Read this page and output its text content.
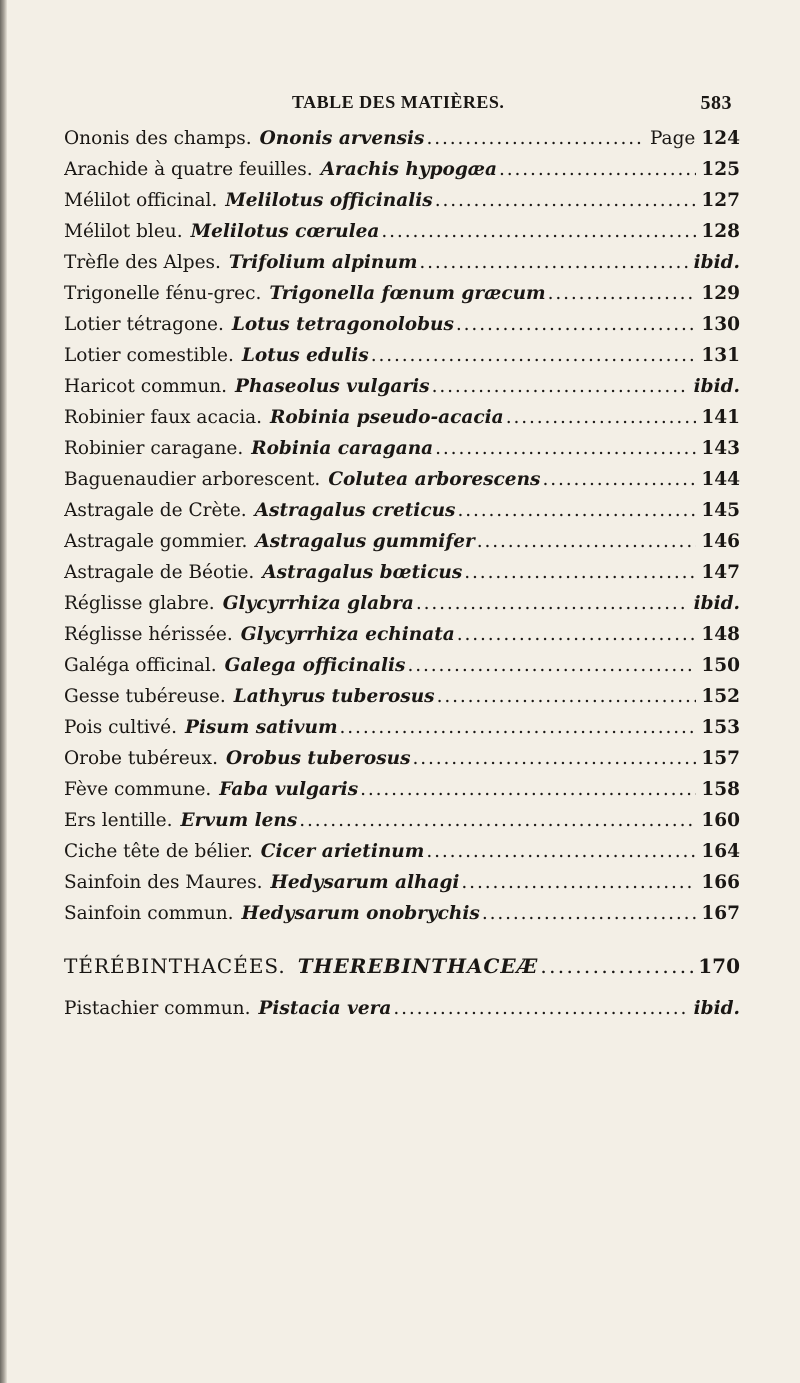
TABLE DES MATIÈRES.	583
Ononis des champs. Ononis arvensis . . .	Page 124
Arachide à quatre feuilles. Arachis hypogæa . . .	125
Mélilot officinal. Melilotus officinalis . . .	127
Mélilot bleu. Melilotus cœrulea . . .	128
Trèfle des Alpes. Trifolium alpinum . . .	ibid.
Trigonelle fénu-grec. Trigonella fœnum græcum . . .	129
Lotier tétragone. Lotus tetragonolobus . . .	130
Lotier comestible. Lotus edulis . . .	131
Haricot commun. Phaseolus vulgaris . . .	ibid.
Robinier faux acacia. Robinia pseudo-acacia . . .	141
Robinier caragane. Robinia caragana . . .	143
Baguenaudier arborescent. Colutea arborescens . . .	144
Astragale de Crète. Astragalus creticus . . .	145
Astragale gommier. Astragalus gummifer . . .	146
Astragale de Béotie. Astragalus bœticus . . .	147
Réglisse glabre. Glycyrrhiza glabra . . .	ibid.
Réglisse hérissée. Glycyrrhiza echinata . . .	148
Galéga officinal. Galega officinalis . . .	150
Gesse tubéreuse. Lathyrus tuberosus . . .	152
Pois cultivé. Pisum sativum . . .	153
Orobe tubéreux. Orobus tuberosus . . .	157
Fève commune. Faba vulgaris . . .	158
Ers lentille. Ervum lens . . .	160
Ciche tête de bélier. Cicer arietinum . . .	164
Sainfoin des Maures. Hedysarum alhagi . . .	166
Sainfoin commun. Hedysarum onobrychis . . .	167
TÉRÉBINTHACÉES. THEREBINTHACEÆ . . .	170
Pistachier commun. Pistacia vera . . .	ibid.
